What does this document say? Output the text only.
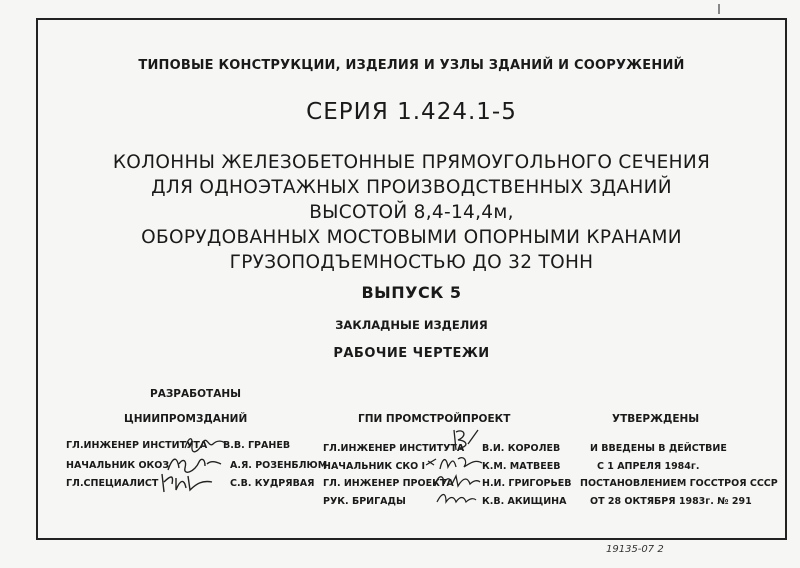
ТИПОВЫЕ КОНСТРУКЦИИ, ИЗДЕЛИЯ И УЗЛЫ ЗДАНИЙ И СООРУЖЕНИЙ
СЕРИЯ 1.424.1-5
КОЛОННЫ ЖЕЛЕЗОБЕТОННЫЕ ПРЯМОУГОЛЬНОГО СЕЧЕНИЯ
ДЛЯ ОДНОЭТАЖНЫХ ПРОИЗВОДСТВЕННЫХ ЗДАНИЙ
ВЫСОТОЙ 8,4-14,4м,
ОБОРУДОВАННЫХ МОСТОВЫМИ ОПОРНЫМИ КРАНАМИ
ГРУЗОПОДЪЕМНОСТЬЮ ДО 32 ТОНН
ВЫПУСК 5
ЗАКЛАДНЫЕ ИЗДЕЛИЯ
РАБОЧИЕ ЧЕРТЕЖИ
РАЗРАБОТАНЫ
ЦНИИПРОМЗДАНИЙ
ГЛ.ИНЖЕНЕР ИНСТИТУТА В.В. ГРАНЕВ
НАЧАЛЬНИК ОКОЗ	А.Я. РОЗЕНБЛЮМ
ГЛ.СПЕЦИАЛИСТ	С.В. КУДРЯВАЯ
ГПИ ПРОМСТРОЙПРОЕКТ
ГЛ.ИНЖЕНЕР ИНСТИТУТА В.И. КОРОЛЕВ
НАЧАЛЬНИК СКО I	К.М. МАТВЕЕВ
ГЛ. ИНЖЕНЕР ПРОЕКТА	Н.И. ГРИГОРЬЕВ
РУК. БРИГАДЫ	К.В. АКИЩИНА
УТВЕРЖДЕНЫ
И ВВЕДЕНЫ В ДЕЙСТВИЕ
С 1 АПРЕЛЯ 1984г.
ПОСТАНОВЛЕНИЕМ ГОССТРОЯ СССР
ОТ 28 ОКТЯБРЯ 1983г. № 291
19135-07 2
